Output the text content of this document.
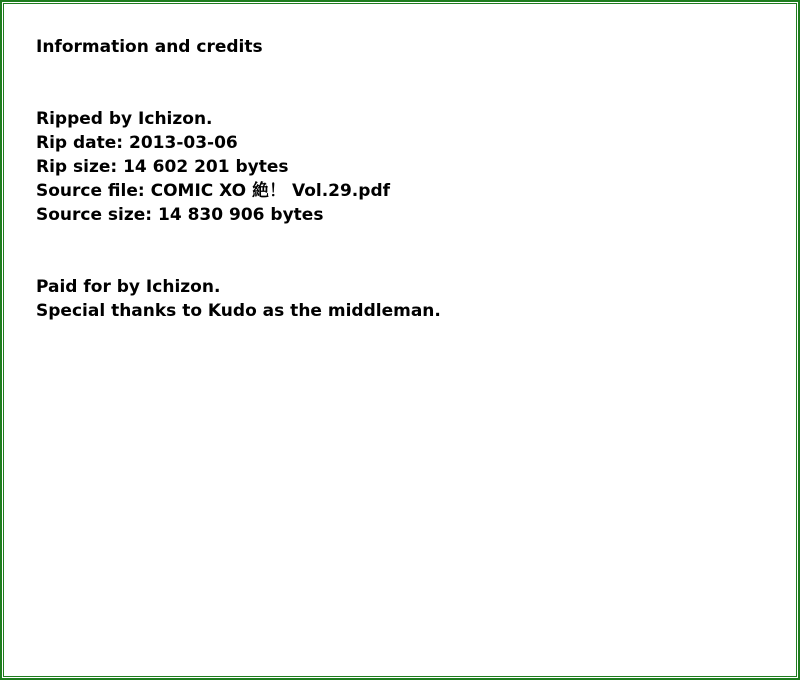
Information and credits

Ripped by Ichizon.

Rip date: 2013-03-06

Rip size: 14 602 201 bytes

Source file: COMIC XO 絶！ Vol.29.pdf

Source size: 14 830 906 bytes

Paid for by Ichizon.

Special thanks to Kudo as the middleman.
